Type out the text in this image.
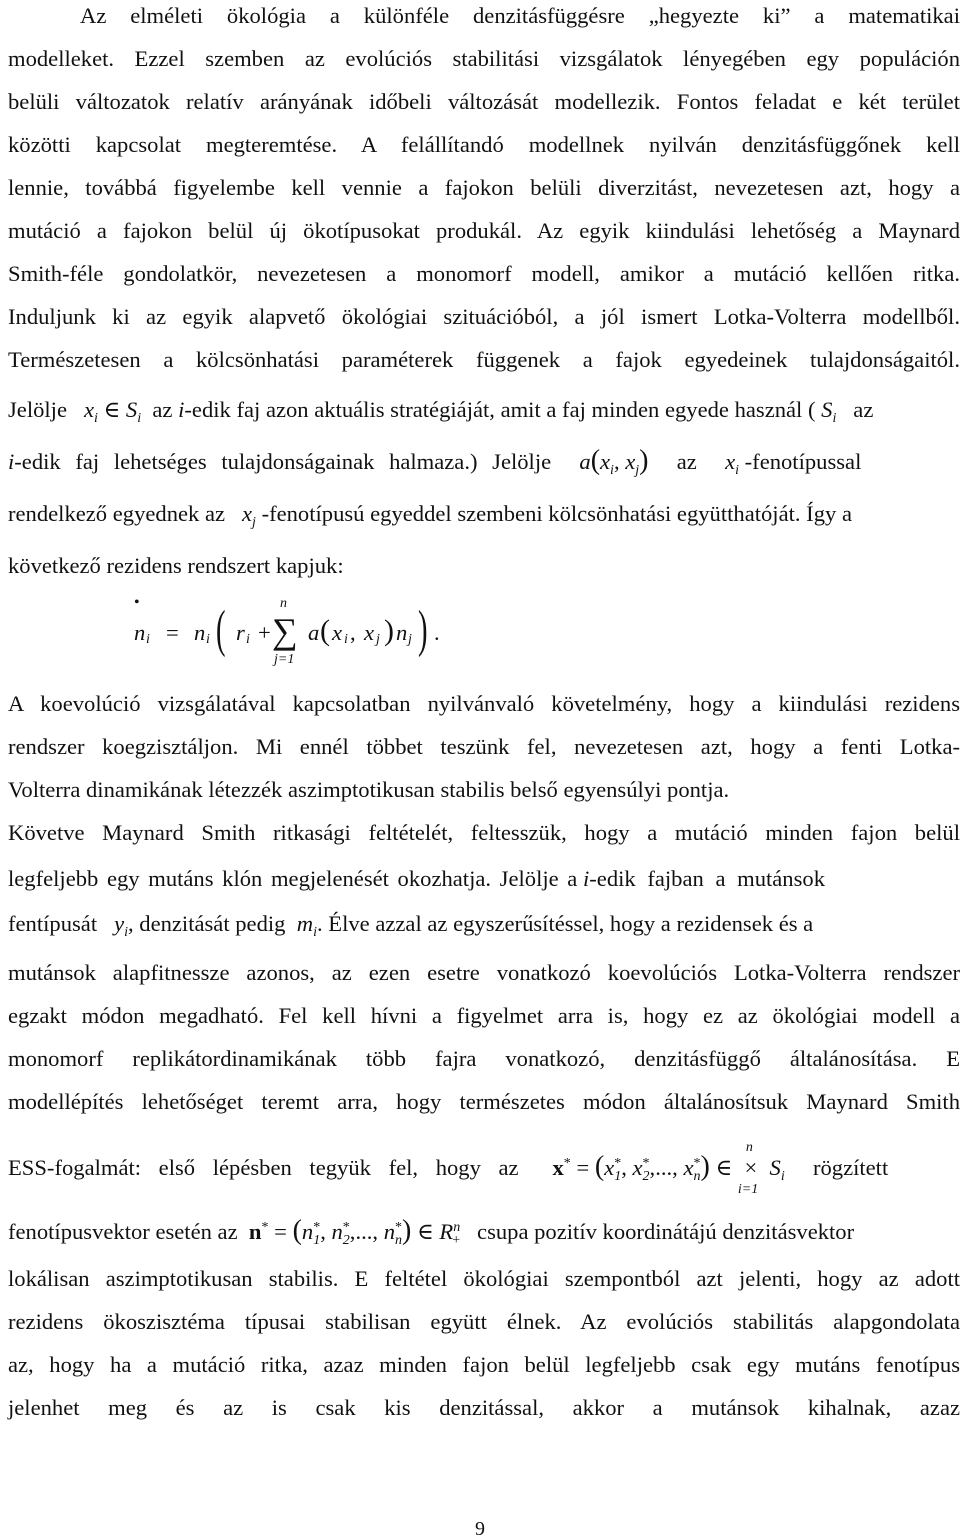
Az elméleti ökológia a különféle denzitásfüggésre „hegyezte ki” a matematikai
modelleket. Ezzel szemben az evolúciós stabilitási vizsgálatok lényegében egy populáción
belüli változatok relatív arányának időbeli változását modellezik. Fontos feladat e két terület
közötti kapcsolat megteremtése. A felállítandó modellnek nyilván denzitásfüggőnek kell
lennie, továbbá figyelembe kell vennie a fajokon belüli diverzitást, nevezetesen azt, hogy a
mutáció a fajokon belül új ökotípusokat produkál. Az egyik kiindulási lehetőség a Maynard
Smith-féle gondolatkör, nevezetesen a monomorf modell, amikor a mutáció kellően ritka.
Induljunk ki az egyik alapvető ökológiai szituációból, a jól ismert Lotka-Volterra modellből.
Természetesen a kölcsönhatási paraméterek függenek a fajok egyedeinek tulajdonságaitól.
Jelölje $x_i$ ∈ $S_i$ az i-edik faj azon aktuális stratégiáját, amit a faj minden egyede használ ( $S_i$ az
i-edik faj lehetséges tulajdonságainak halmaza.) Jelölje $a(x_i$, $x_j$) az $x_i$ -fenotípussal
rendelkező egyednek az $x_j$ -fenotípusú egyeddel szembeni kölcsönhatási együtthatóját. Így a
következő rezidens rendszert kapjuk:
•
n i = n i ( r i +
n
∑
j=1
a ( x i , x j ) n j ) .
A koevolúció vizsgálatával kapcsolatban nyilvánvaló követelmény, hogy a kiindulási rezidens
rendszer koegzisztáljon. Mi ennél többet teszünk fel, nevezetesen azt, hogy a fenti Lotka-
Volterra dinamikának létezzék aszimptotikusan stabilis belső egyensúlyi pontja.
Követve Maynard Smith ritkasági feltételét, feltesszük, hogy a mutáció minden fajon belül
legfeljebb egy mutáns klón megjelenését okozhatja. Jelölje a i-edik fajban a mutánsok
fentípusát $y_i$, denzitását pedig $m_i$. Élve azzal az egyszerűsítéssel, hogy a rezidensek és a
mutánsok alapfitnessze azonos, az ezen esetre vonatkozó koevolúciós Lotka-Volterra rendszer
egzakt módon megadható. Fel kell hívni a figyelmet arra is, hogy ez az ökológiai modell a
monomorf replikátordinamikának több fajra vonatkozó, denzitásfüggő általánosítása. E
modellépítés lehetőséget teremt arra, hogy természetes módon általánosítsuk Maynard Smith
ESS-fogalmát: első lépésben tegyük fel, hogy az $x^* = (x^*_1$, $x^*_2$,..., $x^*_n$) ∈
n
×
i=1
$S_i$ rögzített
fenotípusvektor esetén az $n^* = (n^*_1$, $n^*_2$,..., $n^*_n$) ∈ $R^n_+$ csupa pozitív koordinátájú denzitásvektor
lokálisan aszimptotikusan stabilis. E feltétel ökológiai szempontból azt jelenti, hogy az adott
rezidens ökoszisztéma típusai stabilisan együtt élnek. Az evolúciós stabilitás alapgondolata
az, hogy ha a mutáció ritka, azaz minden fajon belül legfeljebb csak egy mutáns fenotípus
jelenhet meg és az is csak kis denzitással, akkor a mutánsok kihalnak, azaz
9
